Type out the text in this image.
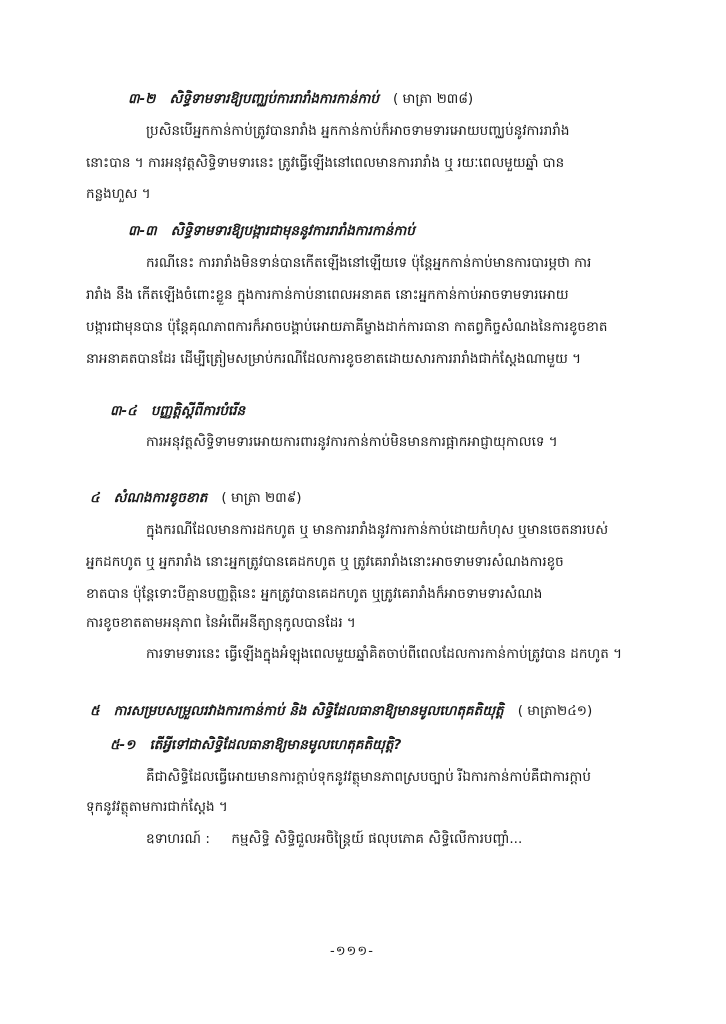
៣-២ សិទ្ធិទាមទារឱ្យបញ្ឈប់ការរារាំងការកាន់កាប់ ( មាត្រា ២៣៨)
ប្រសិនបើអ្នកកាន់កាប់ត្រូវបានរារាំង អ្នកកាន់កាប់ក៏អាចទាមទារអោយបញ្ឈប់នូវការរារាំង
នោះបាន ។ ការអនុវត្តសិទ្ធិទាមទារនេះ ត្រូវធ្វើឡើងនៅពេលមានការរារាំង ឬ រយៈពេលមួយឆ្នាំ បាន
កន្លងហួស ។
៣-៣ សិទ្ធិទាមទារឱ្យបង្ការជាមុននូវការរារាំងការកាន់កាប់
ករណីនេះ ការរារាំងមិនទាន់បានកើតឡើងនៅឡើយទេ ប៉ុន្តែអ្នកកាន់កាប់មានការបារម្ភថា ការ
រារាំង នឹង កើតឡើងចំពោះខ្លួន ក្នុងការកាន់កាប់នាពេលអនាគត នោះអ្នកកាន់កាប់អាចទាមទារអោយ
បង្ការជាមុនបាន ប៉ុន្តែគុណភាពការក៏អាចបង្គាប់អោយភាគីម្ខាងដាក់ការធានា កាតព្វកិច្ចសំណងនៃការខូចខាត
នាអនាគតបានដែរ ដើម្បីត្រៀមសម្រាប់ករណីដែលការខូចខាតដោយសារការរារាំងជាក់ស្តែងណាមួយ ។
៣-៤ បញ្ញត្តិស្តីពីការបំរើន
ការអនុវត្តសិទ្ធិទាមទារអោយការពារនូវការកាន់កាប់មិនមានការផ្អាកអាជ្ញាយុកាលទេ ។
៤ សំណងការខូចខាត ( មាត្រា ២៣៩)
ក្នុងករណីដែលមានការដកហូត ឬ មានការរារាំងនូវការកាន់កាប់ដោយកំហុស ឬមានចេតនារបស់
អ្នកដកហូត ឬ អ្នករារាំង នោះអ្នកត្រូវបានគេដកហូត ឬ ត្រូវគេរារាំងនោះអាចទាមទារសំណងការខូច
ខាតបាន ប៉ុន្តែទោះបីគ្មានបញ្ញត្តិនេះ អ្នកត្រូវបានគេដកហូត ឬត្រូវគេរារាំងក៏អាចទាមទារសំណង
ការខូចខាតតាមអនុភាព នៃអំពើអនីត្យានុកូលបានដែរ ។
ការទាមទារនេះ ធ្វើឡើងក្នុងអំឡុងពេលមួយឆ្នាំគិតចាប់ពីពេលដែលការកាន់កាប់ត្រូវបាន ដកហូត ។
៥ ការសម្របសម្រួលរវាងការកាន់កាប់ និង សិទ្ធិដែលធានាឱ្យមានមូលហេតុគតិយុត្តិ ( មាត្រា២៤១)
៥-១ តើអ្វីទៅជាសិទ្ធិដែលធានាឱ្យមានមូលហេតុគតិយុត្តិ?
គឺជាសិទ្ធិដែលធ្វើអោយមានការក្តាប់ទុកនូវវត្ថុមានភាពស្របច្បាប់ រីឯការកាន់កាប់គឺជាការក្តាប់
ទុកនូវវត្ថុតាមការជាក់ស្តែង ។
ឧទាហរណ៍ : កម្មសិទ្ធិ សិទ្ធិជួលអចិន្ត្រៃយ៍ ផលុបភោគ សិទ្ធិលើការបញ្ចាំ...
-១១១-
